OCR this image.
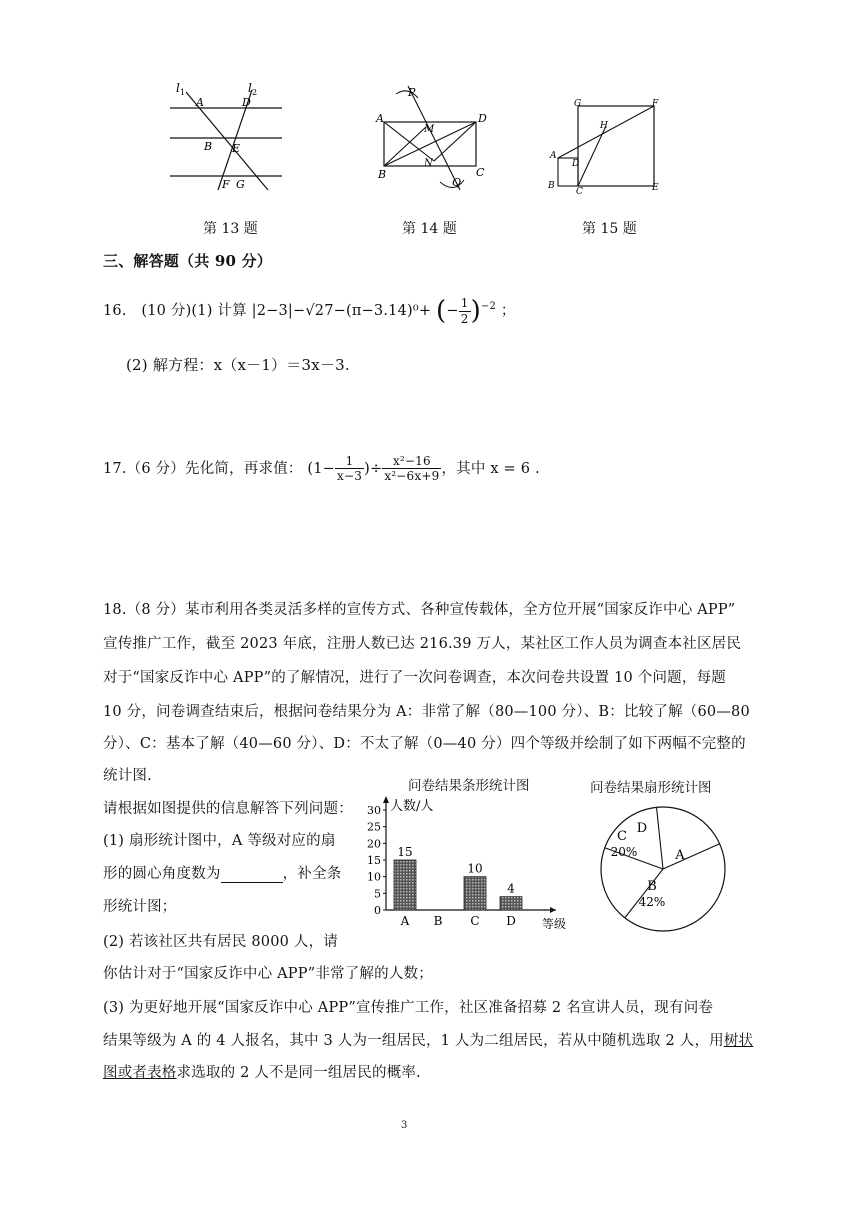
l 1	l 2
A	D
B E
F G
第 13 题
P
A	D
M
N
B	C
Q
第 14 题
G	F
H
A
D
B
C	E
第 15 题
三、解答题（共 90 分）
16.　(10 分)(1) 计算 |2−3|−√27−(π−3.14)⁰+ (− $\frac{1}{2} )^{-2}$ ；
(2) 解方程：x（x－1）＝3x－3.
17.（6 分）先化简，再求值： ($1- \frac{1}{x-3}$ )÷ $\frac{\text{x²−16}}{\text{x²−6x+9}}$ ，其中 x = 6 .
18.（8 分）某市利用各类灵活多样的宣传方式、各种宣传载体，全方位开展“国家反诈中心 APP”
宣传推广工作，截至 2023 年底，注册人数已达 216.39 万人，某社区工作人员为调查本社区居民
对于“国家反诈中心 APP”的了解情况，进行了一次问卷调查，本次问卷共设置 10 个问题，每题
10 分，问卷调查结束后，根据问卷结果分为 A：非常了解（80—100 分）、B：比较了解（60—80
分）、C：基本了解（40—60 分）、D：不太了解（0—40 分）四个等级并绘制了如下两幅不完整的
统计图.
请根据如图提供的信息解答下列问题：
(1) 扇形统计图中，A 等级对应的扇
形的圆心角度数为	，补全条
形统计图；
(2) 若该社区共有居民 8000 人，请
你估计对于“国家反诈中心 APP”非常了解的人数；
(3) 为更好地开展“国家反诈中心 APP”宣传推广工作，社区准备招募 2 名宣讲人员，现有问卷
结果等级为 A 的 4 人报名，其中 3 人为一组居民，1 人为二组居民，若从中随机选取 2 人，用树状
图或者表格求选取的 2 人不是同一组居民的概率.
问卷结果条形统计图
人数/人
等级
0
5
10
15
20
25
30
15
A B
10
C
4
D
问卷结果扇形统计图
A
B
42%
C
20%
D
3
